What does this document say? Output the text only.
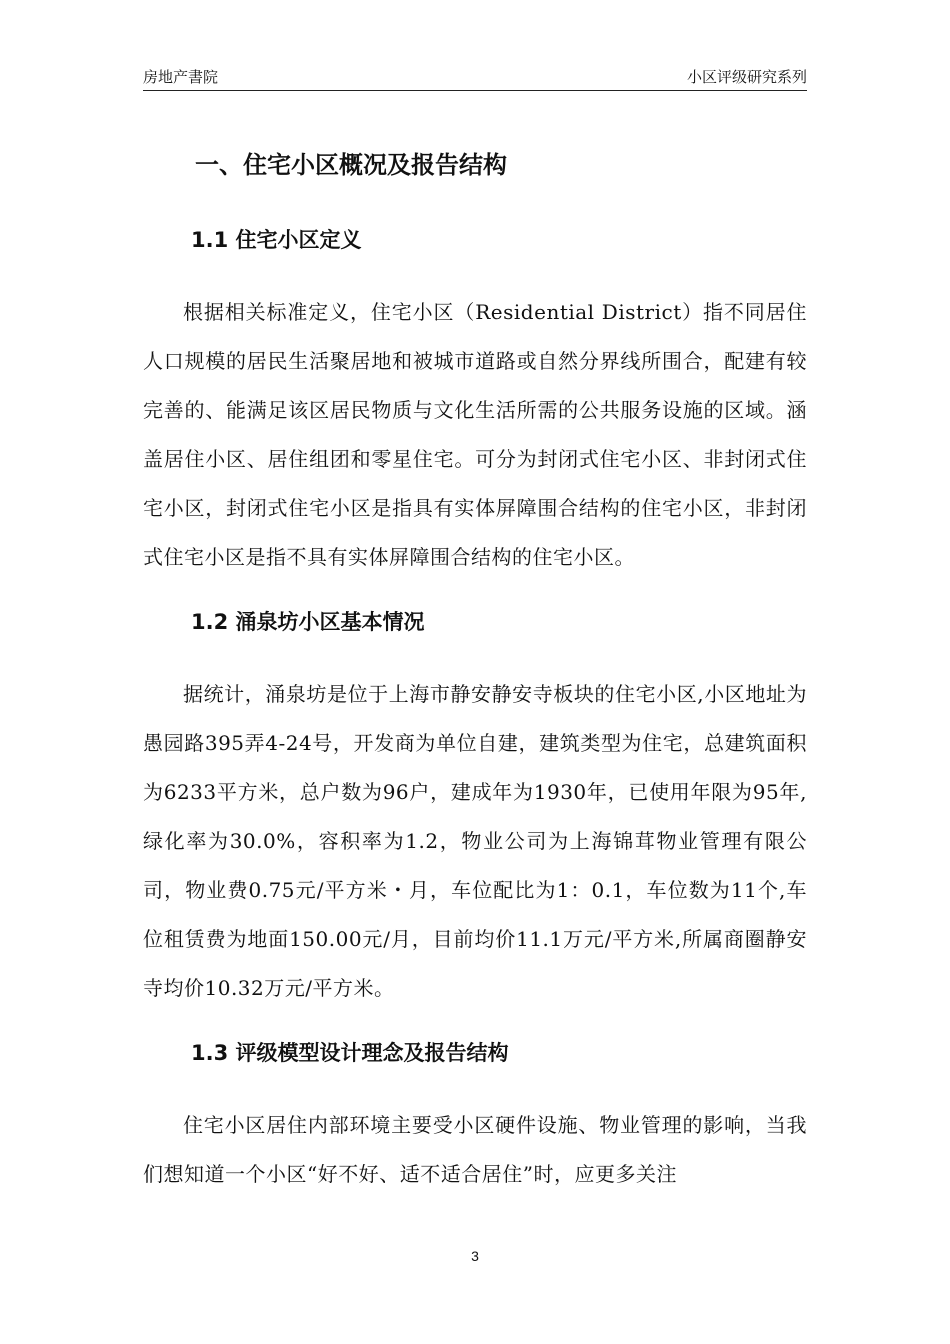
房地产書院	小区评级研究系列
一、住宅小区概况及报告结构
1.1 住宅小区定义

根据相关标准定义，住宅小区（Residential District）指不同居住人口规模的居民生活聚居地和被城市道路或自然分界线所围合，配建有较完善的、能满足该区居民物质与文化生活所需的公共服务设施的区域。涵盖居住小区、居住组团和零星住宅。可分为封闭式住宅小区、非封闭式住宅小区，封闭式住宅小区是指具有实体屏障围合结构的住宅小区，非封闭式住宅小区是指不具有实体屏障围合结构的住宅小区。

1.2 涌泉坊小区基本情况

据统计，涌泉坊是位于上海市静安静安寺板块的住宅小区,小区地址为愚园路395弄4-24号，开发商为单位自建，建筑类型为住宅，总建筑面积为6233平方米，总户数为96户，建成年为1930年，已使用年限为95年,绿化率为30.0%，容积率为1.2，物业公司为上海锦茸物业管理有限公司，物业费0.75元/平方米・月，车位配比为1：0.1，车位数为11个,车位租赁费为地面150.00元/月，目前均价11.1万元/平方米,所属商圈静安寺均价10.32万元/平方米。

1.3 评级模型设计理念及报告结构

住宅小区居住内部环境主要受小区硬件设施、物业管理的影响，当我们想知道一个小区“好不好、适不适合居住”时，应更多关注

3
